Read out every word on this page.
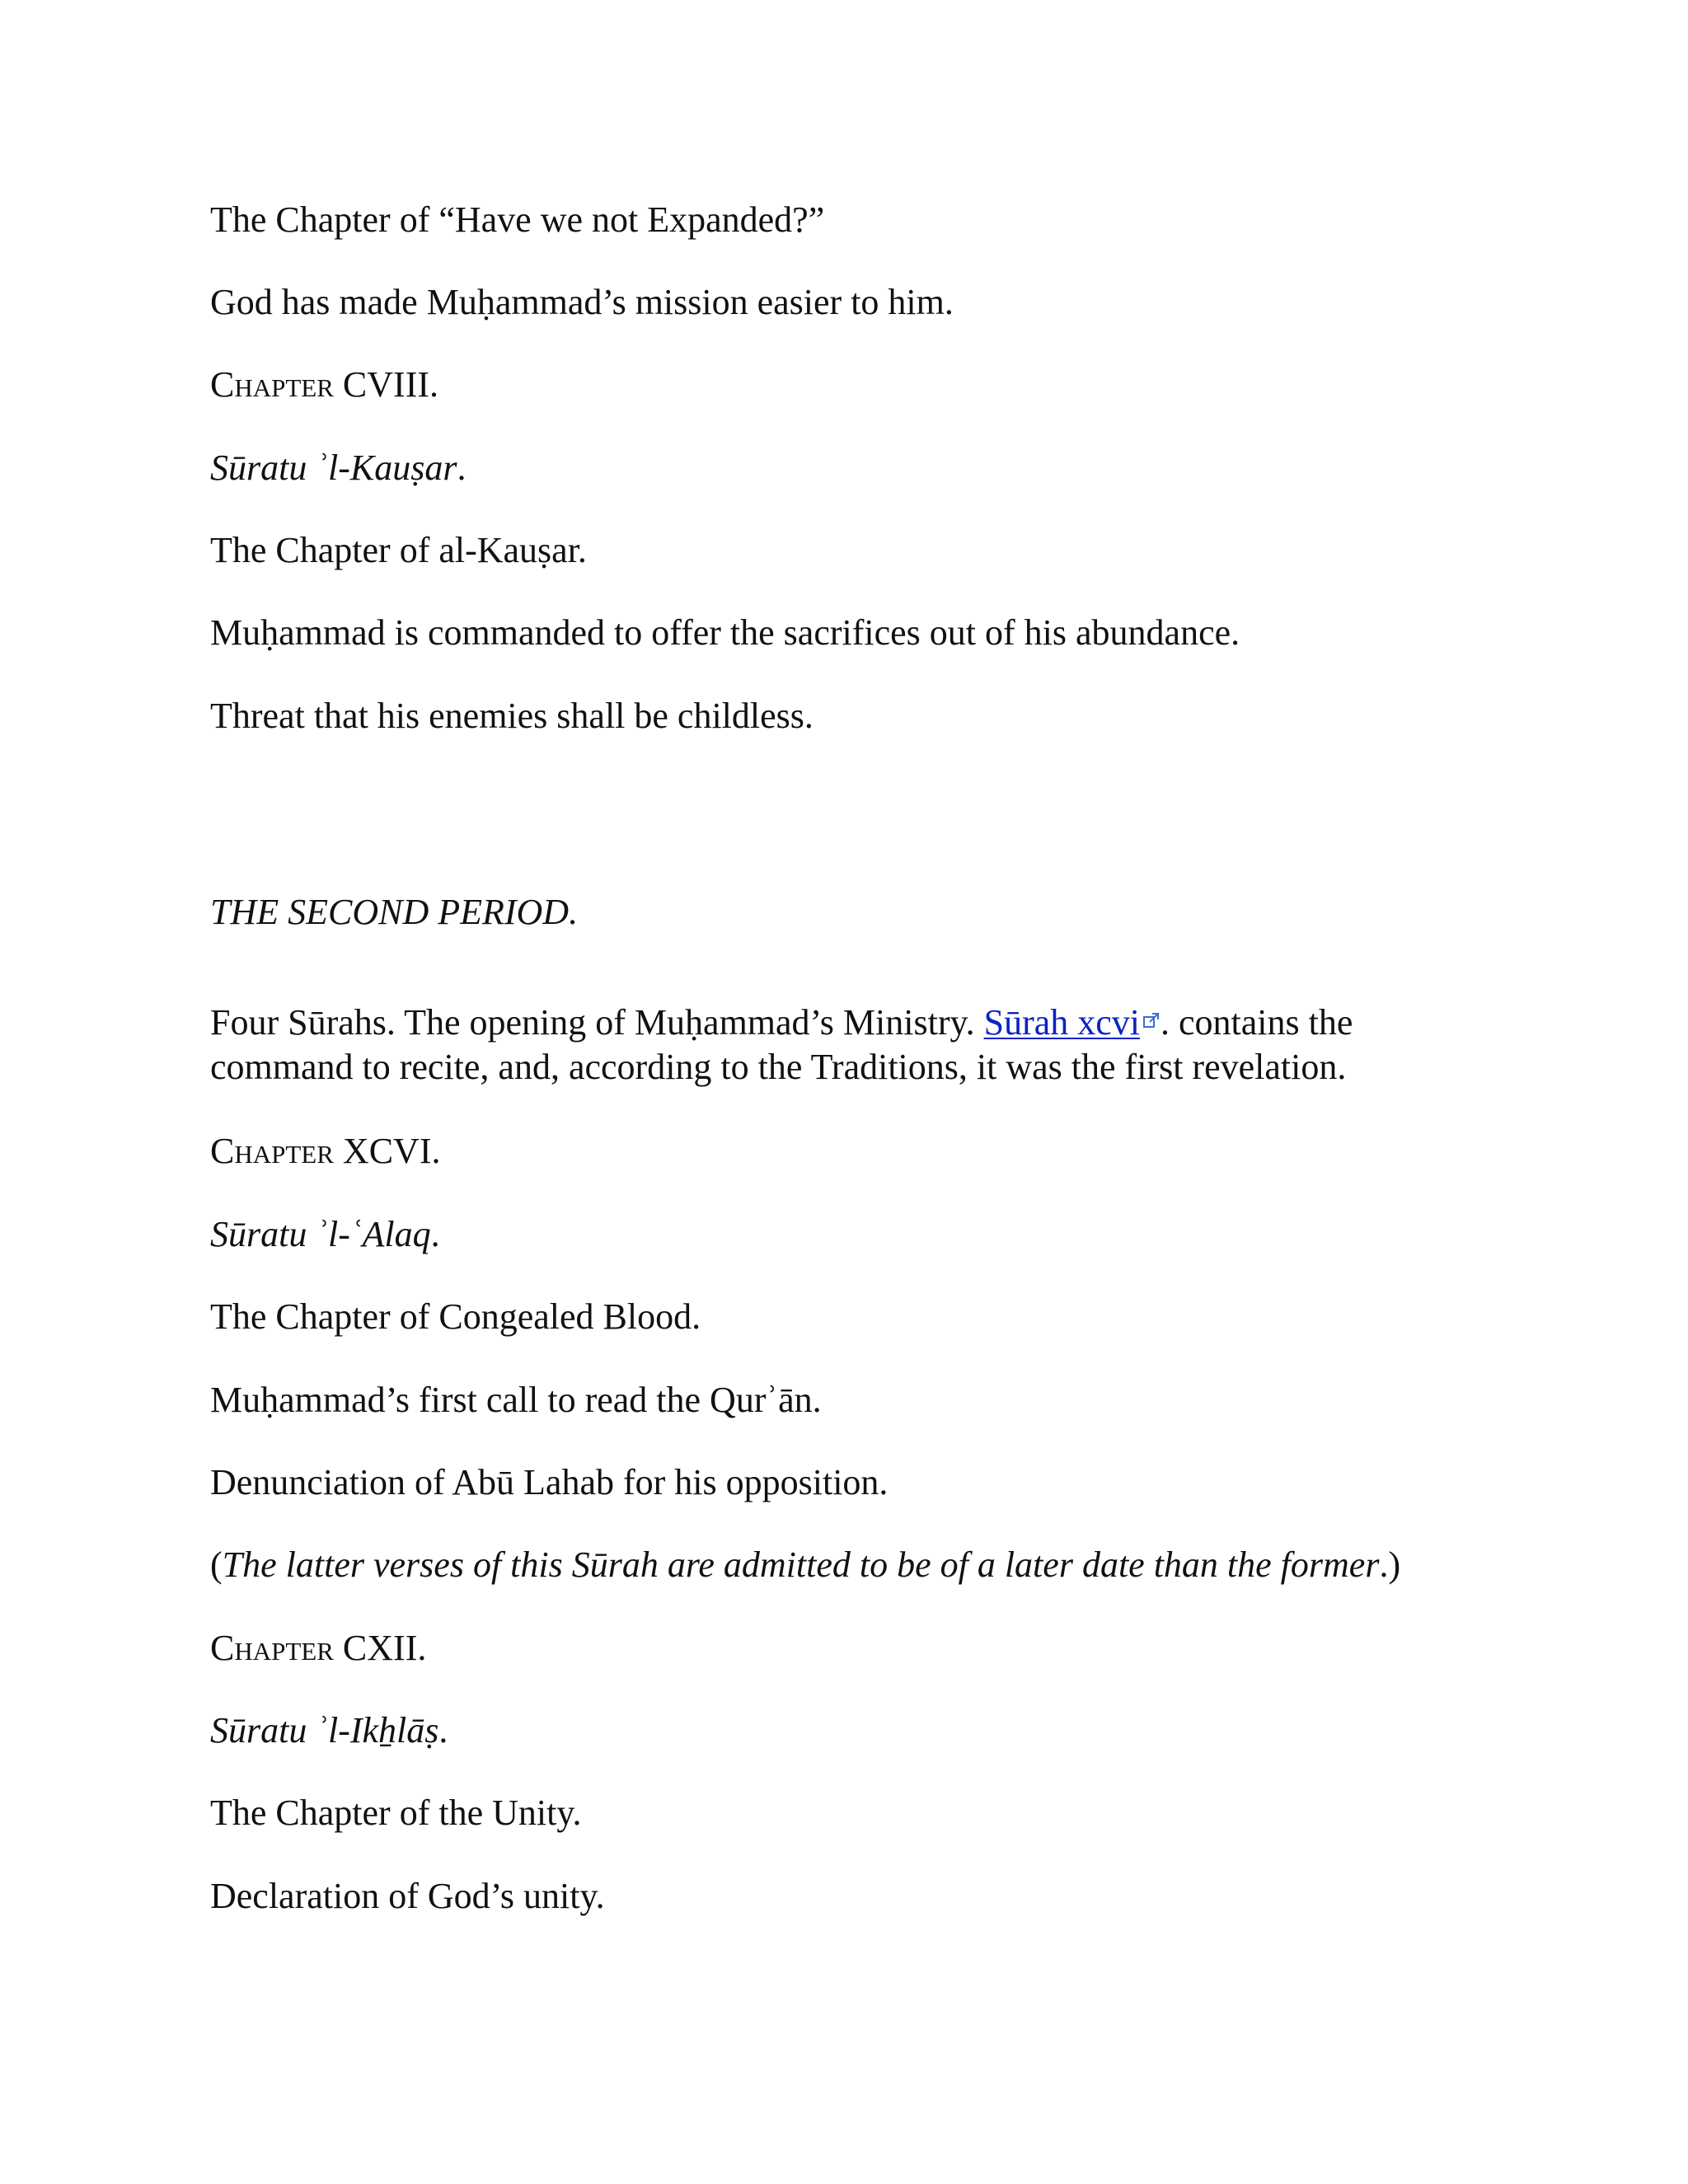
The Chapter of “Have we not Expanded?”

God has made Muḥammad’s mission easier to him.

Chapter CVIII.

Sūratu ʾl-Kauṣar.

The Chapter of al-Kauṣar.

Muḥammad is commanded to offer the sacrifices out of his abundance.

Threat that his enemies shall be childless.

THE SECOND PERIOD.

Four Sūrahs. The opening of Muḥammad’s Ministry. Sūrah xcvi . contains the

command to recite, and, according to the Traditions, it was the first revelation.

Chapter XCVI.

Sūratu ʾl-ʿAlaq.

The Chapter of Congealed Blood.

Muḥammad’s first call to read the Qurʾān.

Denunciation of Abū Lahab for his opposition.

(The latter verses of this Sūrah are admitted to be of a later date than the former.)

Chapter CXII.

Sūratu ʾl-Ikẖlāṣ.

The Chapter of the Unity.

Declaration of God’s unity.
